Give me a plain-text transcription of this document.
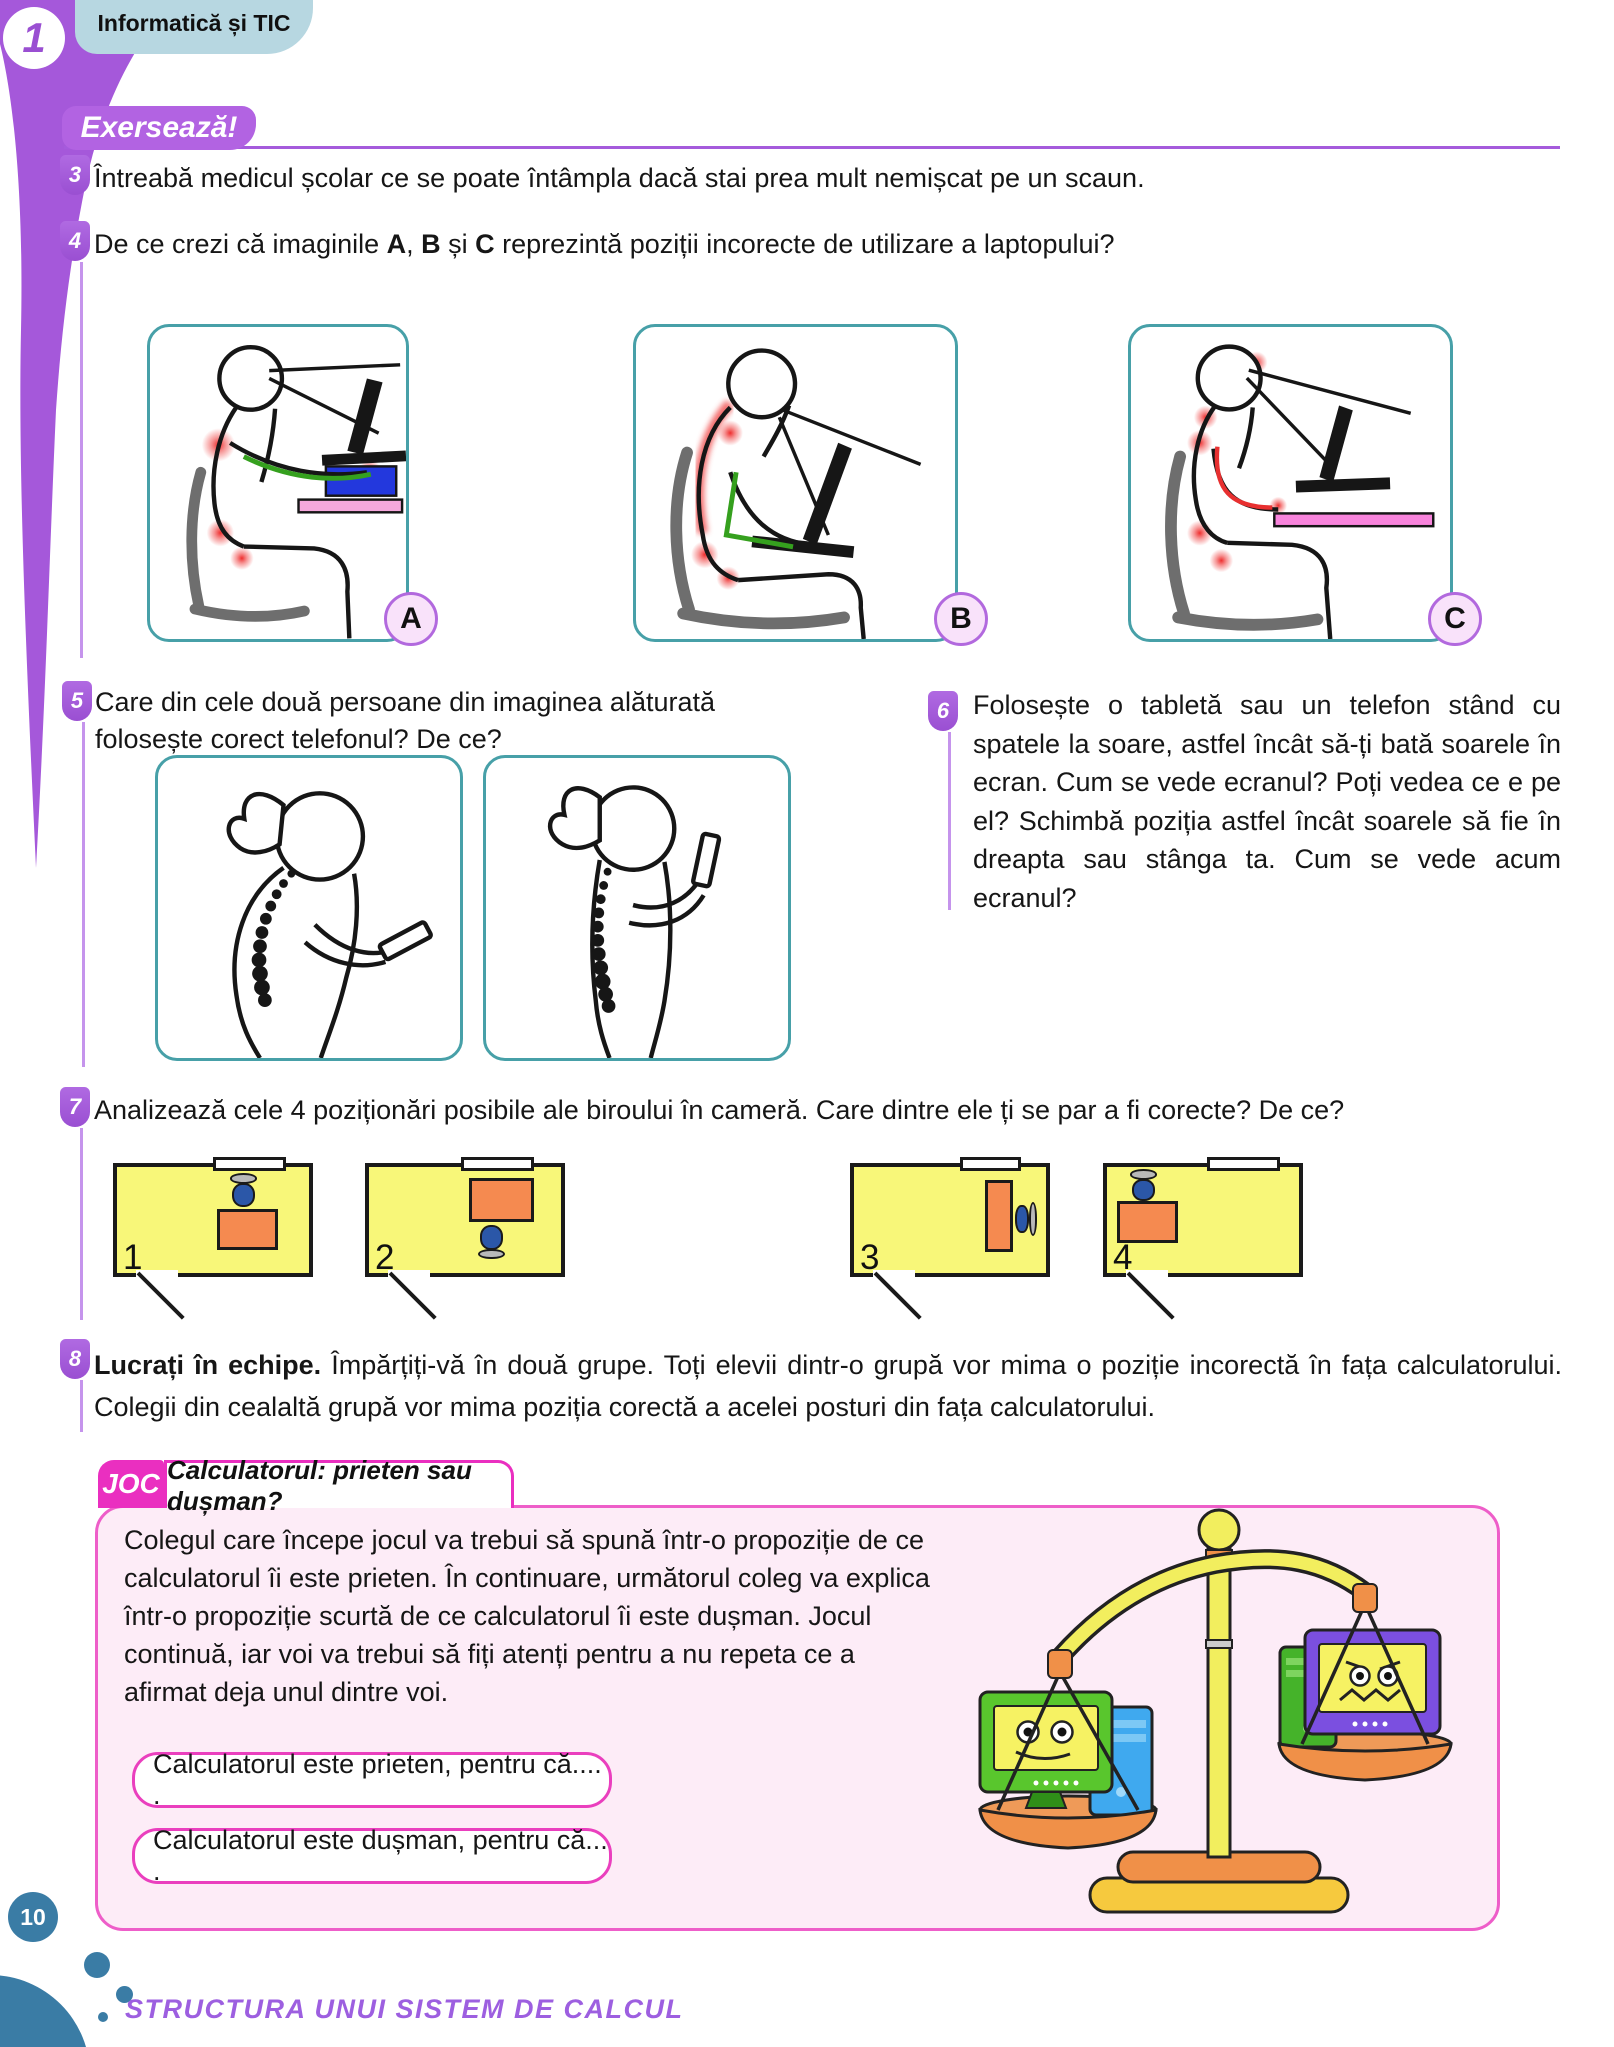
1 Informatică și TIC
Exersează!
3 Întreabă medicul școlar ce se poate întâmpla dacă stai prea mult nemișcat pe un scaun.
4 De ce crezi că imaginile A, B și C reprezintă poziții incorecte de utilizare a laptopului?
A	B	C
5 Care din cele două persoane din imaginea alăturată folosește corect telefonul? De ce?
6 Folosește o tabletă sau un telefon stând cu spatele la soare, astfel încât să-ți bată soarele în ecran. Cum se vede ecranul? Poți vedea ce e pe el? Schimbă poziția astfel încât soarele să fie în dreapta sau stânga ta. Cum se vede acum ecranul?
7 Analizează cele 4 poziționări posibile ale biroului în cameră. Care dintre ele ți se par a fi corecte? De ce?
1	2	3	4
8 Lucrați în echipe. Împărțiți-vă în două grupe. Toți elevii dintr-o grupă vor mima o poziție incorectă în fața calculatorului. Colegii din cealaltă grupă vor mima poziția corectă a acelei posturi din fața calculatorului.
JOC Calculatorul: prieten sau dușman?
Colegul care începe jocul va trebui să spună într-o propoziție de ce calculatorul îi este prieten. În continuare, următorul coleg va explica într-o propoziție scurtă de ce calculatorul îi este dușman. Jocul continuă, iar voi va trebui să fiți atenți pentru a nu repeta ce a afirmat deja unul dintre voi.
Calculatorul este prieten, pentru că.... .
Calculatorul este dușman, pentru că... .
10
STRUCTURA UNUI SISTEM DE CALCUL
